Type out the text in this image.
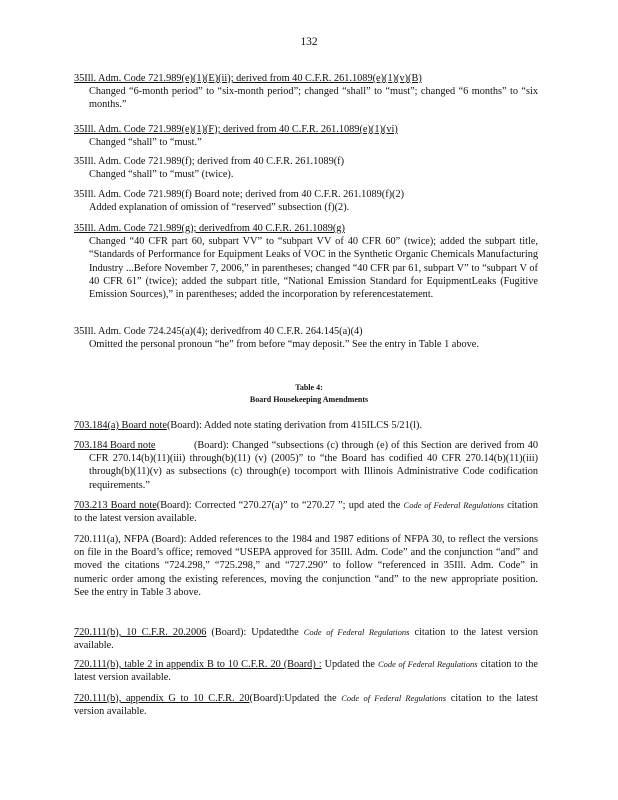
132
35Ill. Adm. Code 721.989(e)(1)(E)(ii); derived from 40 C.F.R. 261.1089(e)(1)(v)(B)
Changed “6-month period” to “six-month period”; changed “shall” to “must”; changed “6 months” to “six months.”
35Ill. Adm. Code 721.989(e)(1)(F); derived from 40 C.F.R. 261.1089(e)(1)(vi)
Changed “shall” to “must.”
35Ill. Adm. Code 721.989(f); derived from 40 C.F.R. 261.1089(f)
Changed “shall” to “must” (twice).
35Ill. Adm. Code 721.989(f) Board note; derived from 40 C.F.R. 261.1089(f)(2)
Added explanation of omission of “reserved” subsection (f)(2).
35Ill. Adm. Code 721.989(g); derivedfrom 40 C.F.R. 261.1089(g)
Changed “40 CFR part 60, subpart VV” to “subpart VV of 40 CFR 60” (twice); added the subpart title, “Standards of Performance for Equipment Leaks of VOC in the Synthetic Organic Chemicals Manufacturing Industry ...Before November 7, 2006,” in parentheses; changed “40 CFR par 61, subpart V” to “subpart V of 40 CFR 61” (twice); added the subpart title, “National Emission Standard for EquipmentLeaks (Fugitive Emission Sources),” in parentheses; added the incorporation by referencestatement.
35Ill. Adm. Code 724.245(a)(4); derivedfrom 40 C.F.R. 264.145(a)(4)
Omitted the personal pronoun “he” from before “may deposit.” See the entry in Table 1 above.
Table 4:
Board Housekeeping Amendments
703.184(a) Board note(Board): Added note stating derivation from 415ILCS 5/21(l).
703.184 Board note	(Board): Changed “subsections (c) through (e) of this Section are derived from 40 CFR 270.14(b)(11)(iii) through(b)(11) (v) (2005)” to “the Board has codified 40 CFR 270.14(b)(11)(iii) through(b)(11)(v) as subsections (c) through(e) tocomport with Illinois Administrative Code codification requirements.”
703.213 Board note(Board): Corrected “270.27(a)” to “270.27 ”; upd ated the Code of Federal Regulations citation to the latest version available.
720.111(a), NFPA (Board): Added references to the 1984 and 1987 editions of NFPA 30, to reflect the versions on file in the Board’s office; removed “USEPA approved for 35Ill. Adm. Code” and the conjunction “and” and moved the citations “724.298,” “725.298,” and “727.290” to follow “referenced in 35Ill. Adm. Code” in numeric order among the existing references, moving the conjunction “and” to the new appropriate position. See the entry in Table 3 above.
720.111(b), 10 C.F.R. 20.2006 (Board): Updatedthe Code of Federal Regulations citation to the latest version available.
720.111(b), table 2 in appendix B to 10 C.F.R. 20 (Board) : Updated the Code of Federal Regulations citation to the latest version available.
720.111(b), appendix G to 10 C.F.R. 20(Board):Updated the Code of Federal Regulations citation to the latest version available.
